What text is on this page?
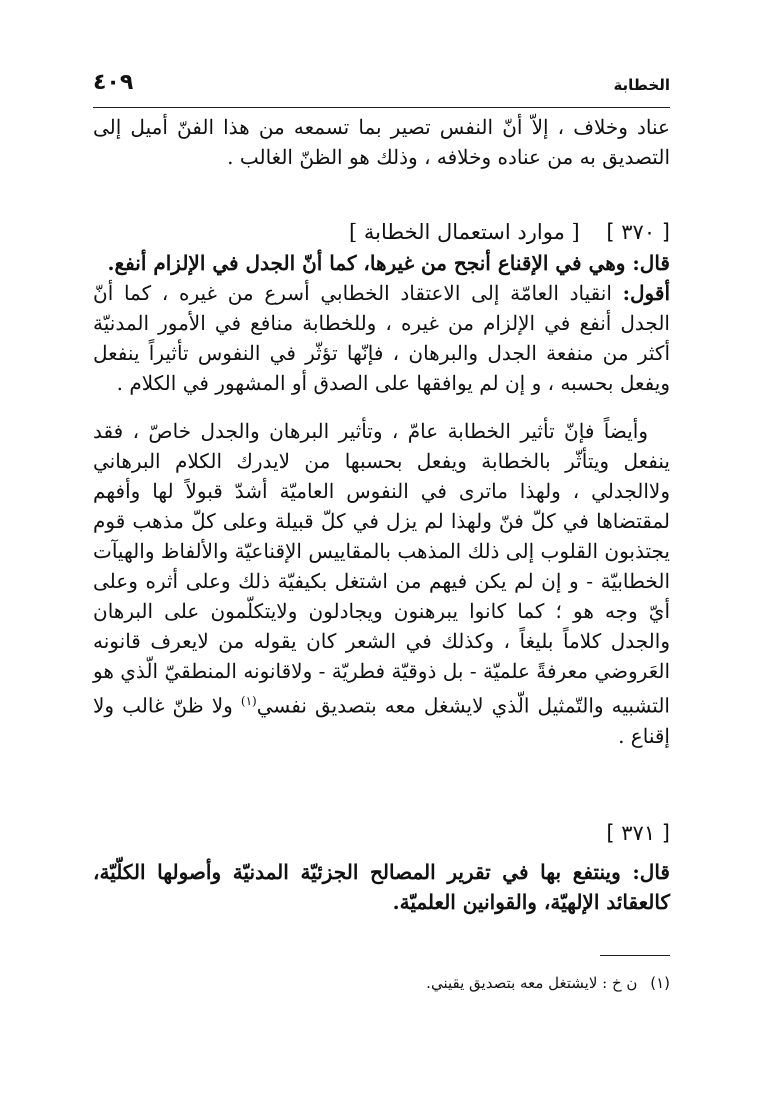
الخطابة
٤٠٩

عناد وخلاف ، إلاّ أنّ النفس تصير بما تسمعه من هذا الفنّ أميل إلى التصديق به من عناده وخلافه ، وذلك هو الظنّ الغالب .

[ ٣٧٠ ]    [ موارد استعمال الخطابة ]

قال: وهي في الإقناع أنجح من غيرها، كما أنّ الجدل في الإلزام أنفع.

أقول: انقياد العامّة إلى الاعتقاد الخطابي أسرع من غيره ، كما أنّ الجدل أنفع في الإلزام من غيره ، وللخطابة منافع في الأمور المدنيّة أكثر من منفعة الجدل والبرهان ، فإنّها تؤثّر في النفوس تأثيراً ينفعل ويفعل بحسبه ، و إن لم يوافقها على الصدق أو المشهور في الكلام .

وأيضاً فإنّ تأثير الخطابة عامّ ، وتأثير البرهان والجدل خاصّ ، فقد ينفعل ويتأثّر بالخطابة ويفعل بحسبها من لايدرك الكلام البرهاني ولاالجدلي ، ولهذا ماترى في النفوس العاميّة أشدّ قبولاً لها وأفهم لمقتضاها في كلّ فنّ ولهذا لم يزل في كلّ قبيلة وعلى كلّ مذهب قوم يجتذبون القلوب إلى ذلك المذهب بالمقاييس الإقناعيّة والألفاظ والهيآت الخطابيّة - و إن لم يكن فيهم من اشتغل بكيفيّة ذلك وعلى أثره وعلى أيّ وجه هو ؛ كما كانوا يبرهنون ويجادلون ولايتكلّمون على البرهان والجدل كلاماً بليغاً ، وكذلك في الشعر كان يقوله من لايعرف قانونه العَروضي معرفةً علميّة - بل ذوقيّة فطريّة - ولاقانونه المنطقيّ الّذي هو التشبيه والتّمثيل الّذي لايشغل معه بتصديق نفسي$^{(١)}$ ولا ظنّ غالب ولا إقناع .

[ ٣٧١ ]

قال: وينتفع بها في تقرير المصالح الجزئيّة المدنيّة وأصولها الكلّيّة، كالعقائد الإلهيّة، والقوانين العلميّة.

(١) ن خ : لايشتغل معه بتصديق يقيني.
